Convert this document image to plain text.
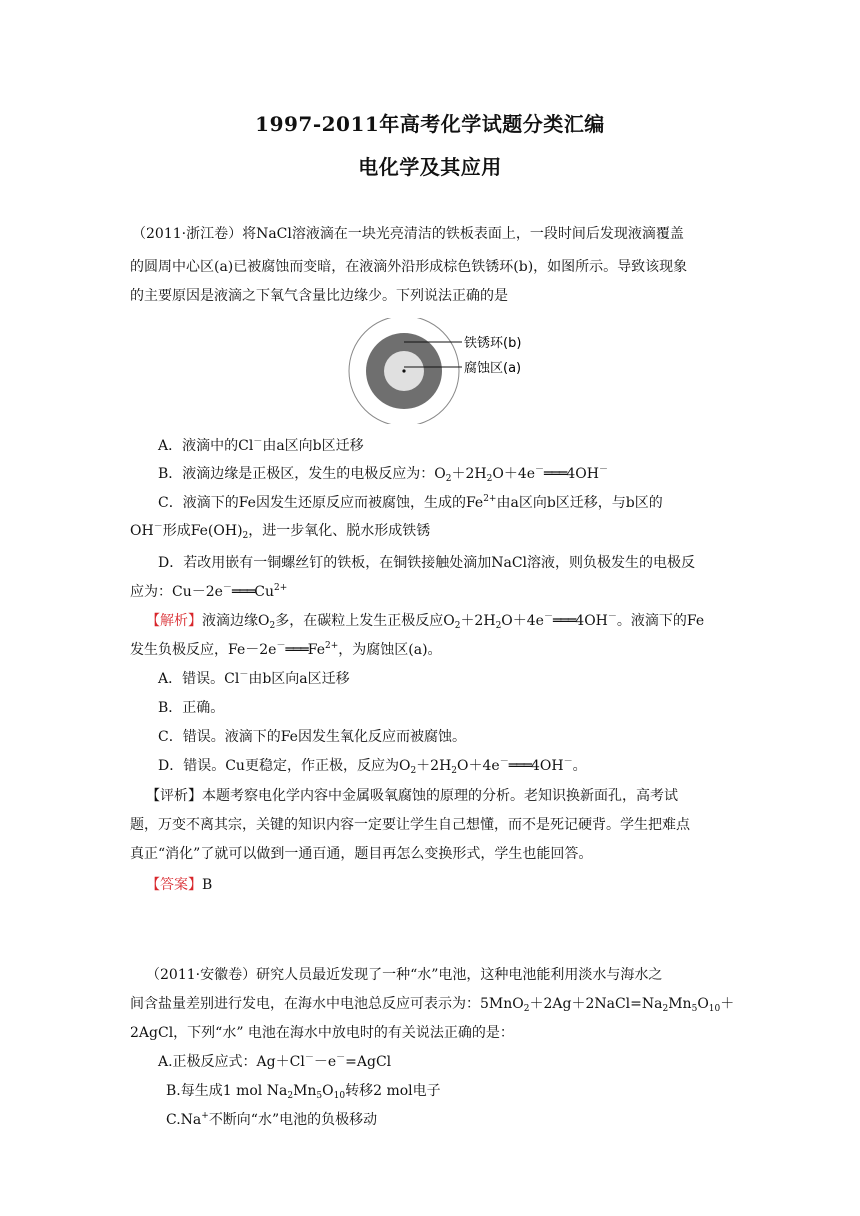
1997-2011年高考化学试题分类汇编
电化学及其应用
（2011·浙江卷）将NaCl溶液滴在一块光亮清洁的铁板表面上，一段时间后发现液滴覆盖
的圆周中心区(a)已被腐蚀而变暗，在液滴外沿形成棕色铁锈环(b)，如图所示。导致该现象
的主要原因是液滴之下氧气含量比边缘少。下列说法正确的是
铁锈环(b)
腐蚀区(a)
A．液滴中的Cl－由a区向b区迁移
B．液滴边缘是正极区，发生的电极反应为：$O_2+2H_2O+4e^-═══4OH^-$
C．液滴下的Fe因发生还原反应而被腐蚀，生成的$Fe^{2+}$由a区向b区迁移，与b区的
OH－形成$Fe(OH)_2$，进一步氧化、脱水形成铁锈
D．若改用嵌有一铜螺丝钉的铁板，在铜铁接触处滴加NaCl溶液，则负极发生的电极反
应为：$Cu-2e^-═══Cu^{2+}$
【解析】液滴边缘$O_2$多，在碳粒上发生正极反应$O_2+2H_2O+4e^-═══4OH^-$。液滴下的Fe
发生负极反应，$Fe-2e^-═══Fe^{2+}$，为腐蚀区(a)。
A．错误。Cl－由b区向a区迁移
B．正确。
C．错误。液滴下的Fe因发生氧化反应而被腐蚀。
D．错误。Cu更稳定，作正极，反应为$O_2+2H_2O+4e^-═══4OH^-$。
【评析】本题考察电化学内容中金属吸氧腐蚀的原理的分析。老知识换新面孔，高考试
题，万变不离其宗，关键的知识内容一定要让学生自己想懂，而不是死记硬背。学生把难点
真正“消化”了就可以做到一通百通，题目再怎么变换形式，学生也能回答。
【答案】B
（2011·安徽卷）研究人员最近发现了一种“水”电池，这种电池能利用淡水与海水之
间含盐量差别进行发电，在海水中电池总反应可表示为：$5MnO_2+2Ag+2NaCl=Na_2Mn_5O_{10}+$
2AgCl，下列“水” 电池在海水中放电时的有关说法正确的是：
A.正极反应式：Ag＋Cl－－e－=AgCl
B.每生成1 mol $Na_2Mn_5O_{10}$转移2 mol电子
C.Na+不断向“水”电池的负极移动
